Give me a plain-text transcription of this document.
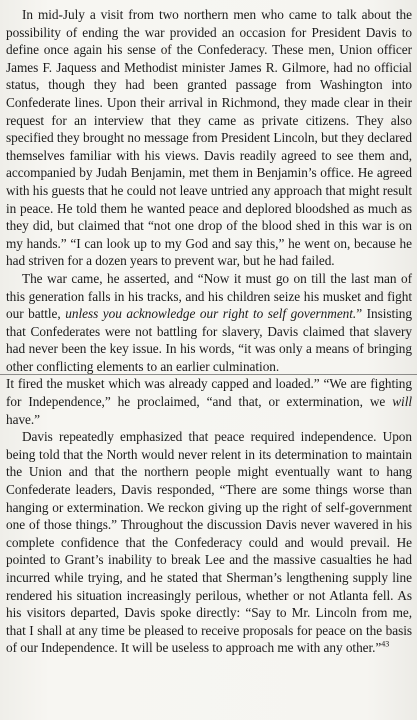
In mid-July a visit from two northern men who came to talk about the possibility of ending the war provided an occasion for President Davis to define once again his sense of the Confederacy. These men, Union officer James F. Jaquess and Methodist minister James R. Gilmore, had no official status, though they had been granted passage from Washington into Confederate lines. Upon their arrival in Richmond, they made clear in their request for an interview that they came as private citizens. They also specified they brought no message from President Lincoln, but they declared themselves familiar with his views. Davis readily agreed to see them and, accompanied by Judah Benjamin, met them in Benjamin’s office. He agreed with his guests that he could not leave untried any approach that might result in peace. He told them he wanted peace and deplored bloodshed as much as they did, but claimed that “not one drop of the blood shed in this war is on my hands.” “I can look up to my God and say this,” he went on, because he had striven for a dozen years to prevent war, but he had failed.

The war came, he asserted, and “Now it must go on till the last man of this generation falls in his tracks, and his children seize his musket and fight our battle, unless you acknowledge our right to self government.” Insisting that Confederates were not battling for slavery, Davis claimed that slavery had never been the key issue. In his words, “it was only a means of bringing other conflicting elements to an earlier culmination.

It fired the musket which was already capped and loaded.” “We are fighting for Independence,” he proclaimed, “and that, or extermination, we will have.”

Davis repeatedly emphasized that peace required independence. Upon being told that the North would never relent in its determination to maintain the Union and that the northern people might eventually want to hang Confederate leaders, Davis responded, “There are some things worse than hanging or extermination. We reckon giving up the right of self-government one of those things.” Throughout the discussion Davis never wavered in his complete confidence that the Confederacy could and would prevail. He pointed to Grant’s inability to break Lee and the massive casualties he had incurred while trying, and he stated that Sherman’s lengthening supply line rendered his situation increasingly perilous, whether or not Atlanta fell. As his visitors departed, Davis spoke directly: “Say to Mr. Lincoln from me, that I shall at any time be pleased to receive proposals for peace on the basis of our Independence. It will be useless to approach me with any other.”$^{43}$
